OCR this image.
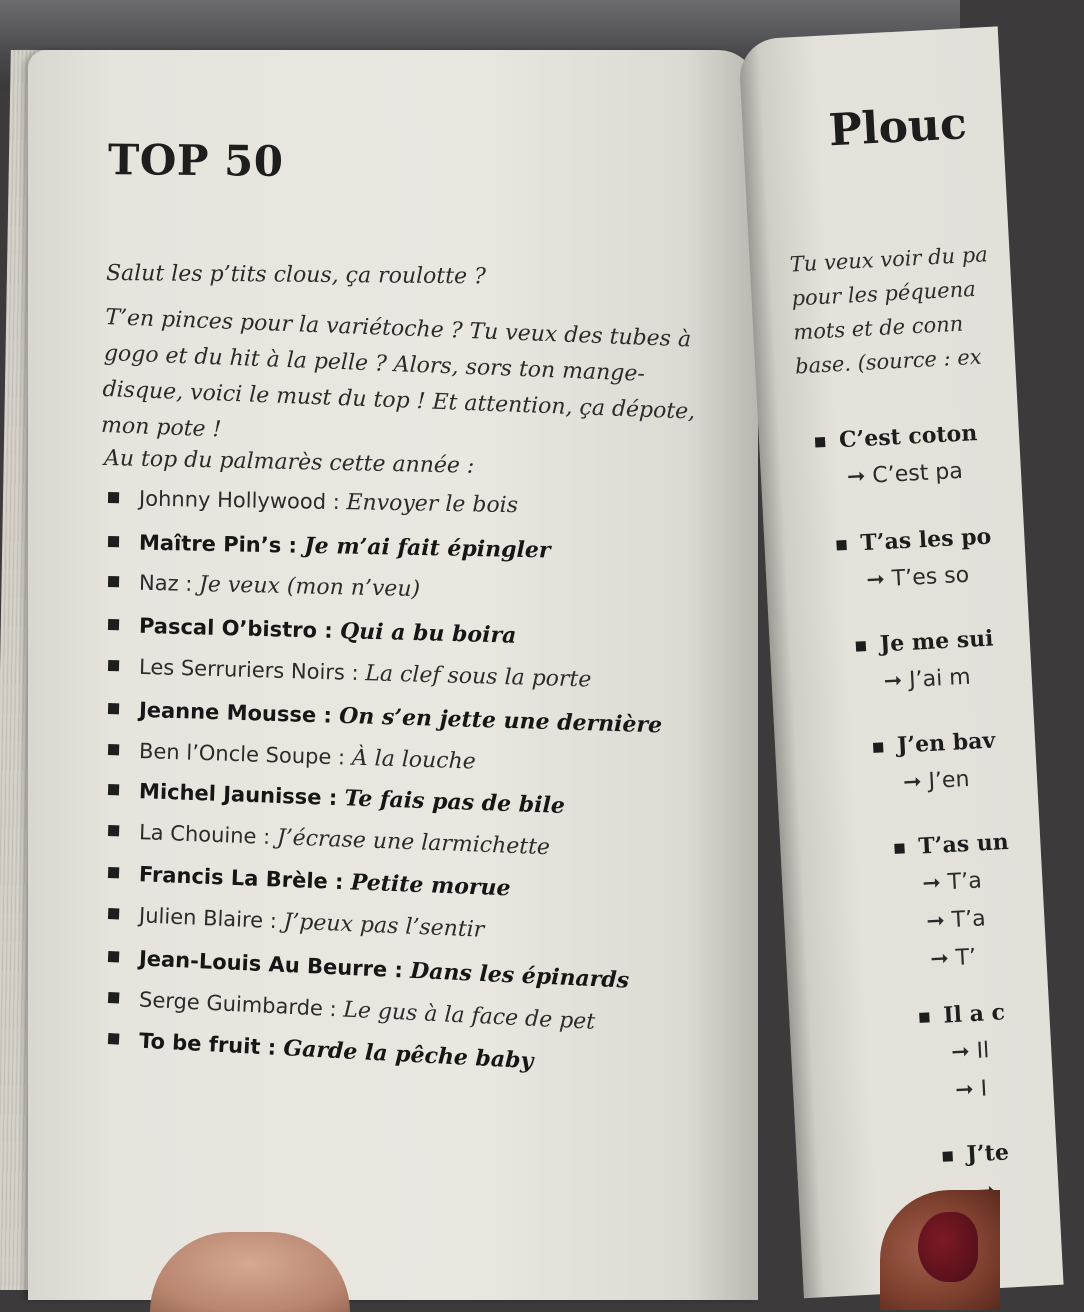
TOP 50

Salut les p’tits clous, ça roulotte ?

T’en pinces pour la variétoche ? Tu veux des tubes à gogo et du hit à la pelle ? Alors, sors ton mange-disque, voici le must du top ! Et attention, ça dépote, mon pote !

Au top du palmarès cette année :
Johnny Hollywood : Envoyer le bois
Maître Pin’s : Je m’ai fait épingler
Naz : Je veux (mon n’veu)
Pascal O’bistro : Qui a bu boira
Les Serruriers Noirs : La clef sous la porte
Jeanne Mousse : On s’en jette une dernière
Ben l’Oncle Soupe : À la louche
Michel Jaunisse : Te fais pas de bile
La Chouine : J’écrase une larmichette
Francis La Brèle : Petite morue
Julien Blaire : J’peux pas l’sentir
Jean-Louis Au Beurre : Dans les épinards
Serge Guimbarde : Le gus à la face de pet
To be fruit : Garde la pêche baby
Plouc
Tu veux voir du pa
pour les péquena
mots et de conn
base. (source : ex
C’est coton
➞ C’est pa
T’as les po
➞ T’es so
Je me sui
➞ J’ai m
J’en bav
➞ J’en
T’as un
➞ T’a
➞ T’a
➞ T’
Il a c
➞ Il
➞ I
J’te
